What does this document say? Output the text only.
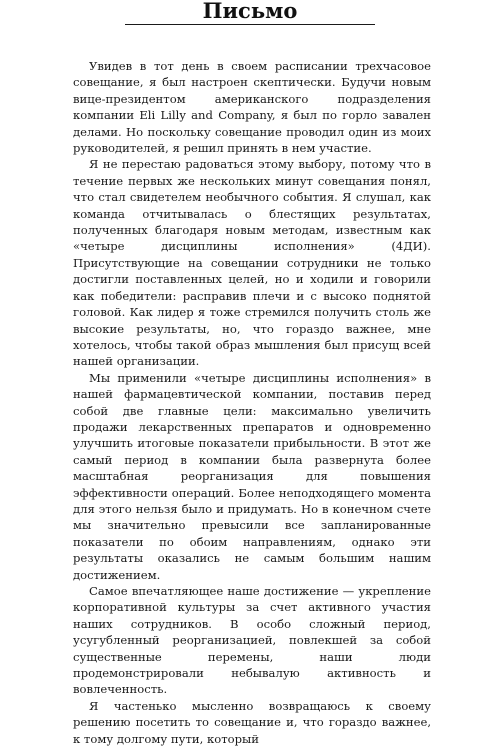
Письмо

Увидев в тот день в своем расписании трехчасовое совещание, я был настроен скептически. Будучи новым вице-президентом американского подразделения компании Eli Lilly and Company, я был по горло завален делами. Но поскольку совещание проводил один из моих руководителей, я решил принять в нем участие.

Я не перестаю радоваться этому выбору, потому что в течение первых же нескольких минут совещания понял, что стал свидетелем необычного события. Я слушал, как команда отчитывалась о блестящих результатах, полученных благодаря новым методам, известным как «четыре дисциплины исполнения» (4ДИ). Присутствующие на совещании сотрудники не только достигли поставленных целей, но и ходили и говорили как победители: расправив плечи и с высоко поднятой головой. Как лидер я тоже стремился получить столь же высокие результаты, но, что гораздо важнее, мне хотелось, чтобы такой образ мышления был присущ всей нашей организации.

Мы применили «четыре дисциплины исполнения» в нашей фармацевтической компании, поставив перед собой две главные цели: максимально увеличить продажи лекарственных препаратов и одновременно улучшить итоговые показатели прибыльности. В этот же самый период в компании была развернута более масштабная реорганизация для повышения эффективности операций. Более неподходящего момента для этого нельзя было и придумать. Но в конечном счете мы значительно превысили все запланированные показатели по обоим направлениям, однако эти результаты оказались не самым большим нашим достижением.

Самое впечатляющее наше достижение — укрепление корпоративной культуры за счет активного участия наших сотрудников. В особо сложный период, усугубленный реорганизацией, повлекшей за собой существенные перемены, наши люди продемонстрировали небывалую активность и вовлеченность.

Я частенько мысленно возвращаюсь к своему решению посетить то совещание и, что гораздо важнее, к тому долгому пути, который
